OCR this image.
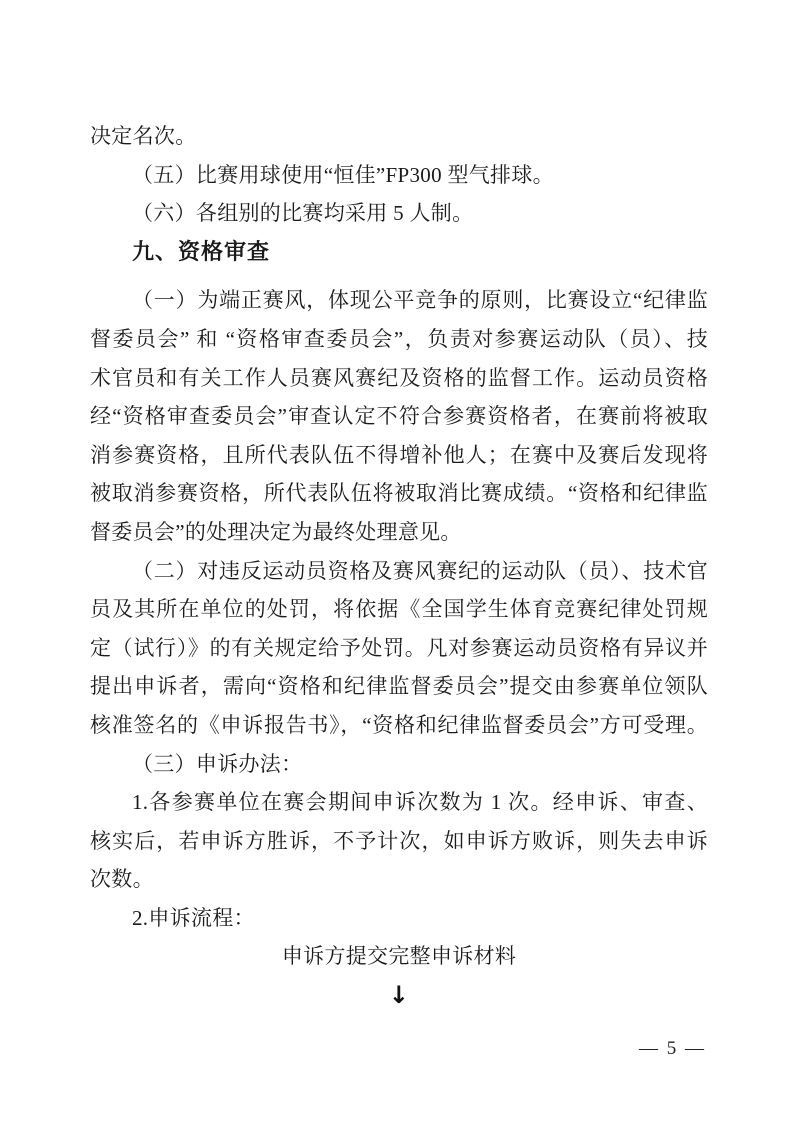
决定名次。
（五）比赛用球使用“恒佳”FP300 型气排球。
（六）各组别的比赛均采用 5 人制。
九、资格审查
（一）为端正赛风，体现公平竞争的原则，比赛设立“纪律监
督委员会” 和 “资格审查委员会”，负责对参赛运动队（员）、技
术官员和有关工作人员赛风赛纪及资格的监督工作。运动员资格
经“资格审查委员会”审查认定不符合参赛资格者，在赛前将被取
消参赛资格，且所代表队伍不得增补他人；在赛中及赛后发现将
被取消参赛资格，所代表队伍将被取消比赛成绩。“资格和纪律监
督委员会”的处理决定为最终处理意见。
（二）对违反运动员资格及赛风赛纪的运动队（员）、技术官
员及其所在单位的处罚，将依据《全国学生体育竞赛纪律处罚规
定（试行）》的有关规定给予处罚。凡对参赛运动员资格有异议并
提出申诉者，需向“资格和纪律监督委员会”提交由参赛单位领队
核准签名的《申诉报告书》，“资格和纪律监督委员会”方可受理。
（三）申诉办法：
1.各参赛单位在赛会期间申诉次数为 1 次。经申诉、审查、
核实后，若申诉方胜诉，不予计次，如申诉方败诉，则失去申诉
次数。
2.申诉流程：
申诉方提交完整申诉材料
↓
— 5 —
